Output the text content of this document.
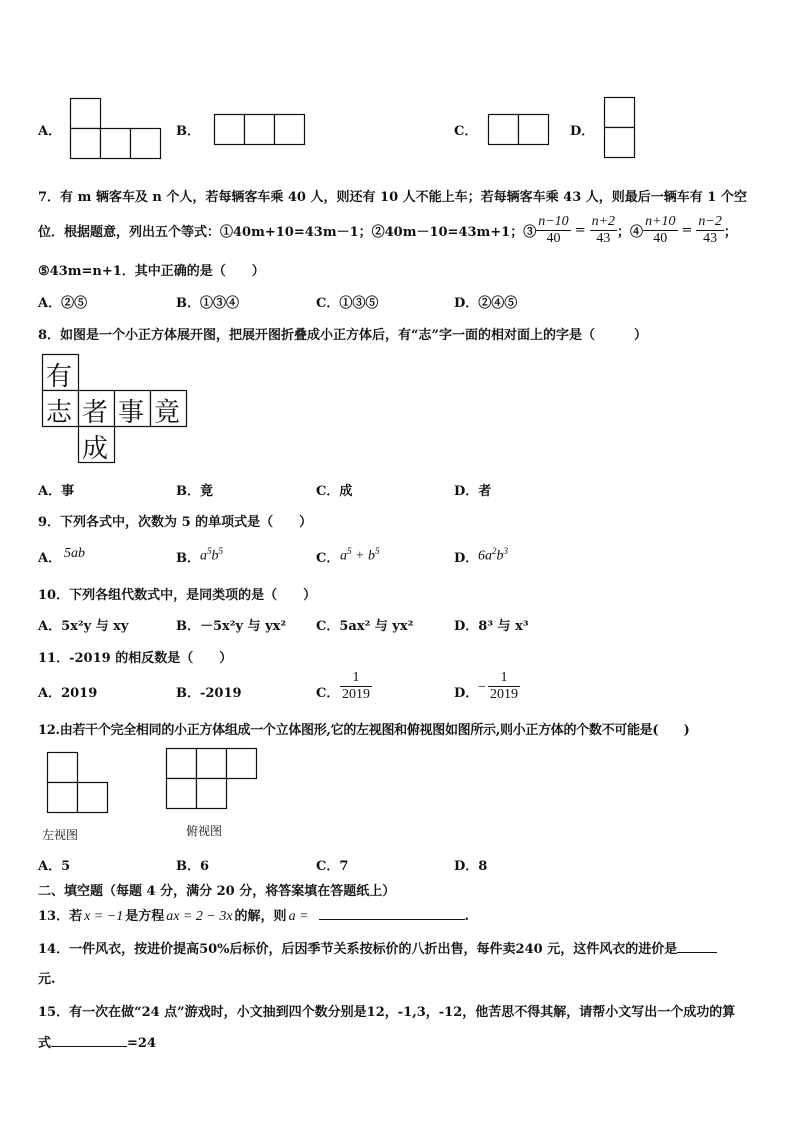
A．	B．	C．	D．
7．有 m 辆客车及 n 个人，若每辆客车乘 40 人，则还有 10 人不能上车；若每辆客车乘 43 人，则最后一辆车有 1 个空
位．根据题意，列出五个等式：①40m+10=43m－1；②40m－10=43m+1；③ $\frac{n-10}{40} = \frac{n+2}{43}$ ；④ $\frac{n+10}{40} = \frac{n-2}{43}$ ；
⑤43m=n+1．其中正确的是（　　）
A．②⑤	B．①③④	C．①③⑤	D．②④⑤
8．如图是一个小正方体展开图，把展开图折叠成小正方体后，有“志”字一面的相对面上的字是（　　　）
有
志 者 事 竟
成
A．事	B．竟	C．成	D．者
9．下列各式中，次数为 5 的单项式是（　　）
A． 5ab	B． $a^5b^5$	C． $a^5 + b^5$	D． $6a^2b^3$
10．下列各组代数式中，是同类项的是（　　）
A．5x²y 与 xy	B．－5x²y 与 yx² C．5ax² 与 yx²	D．8³ 与 x³
11．-2019 的相反数是（　　）
A．2019	B．-2019	C． $\frac{1}{2019}$	D． − $\frac{1}{2019}$
12.由若干个完全相同的小正方体组成一个立体图形,它的左视图和俯视图如图所示,则小正方体的个数不可能是(　　)
左视图	俯视图
A．5	B．6	C．7	D．8
二、填空题（每题 4 分，满分 20 分，将答案填在答题纸上）
13．若 x = −1 是方程 ax = 2 − 3x 的解，则 a =	.
14．一件风衣，按进价提高50%后标价，后因季节关系按标价的八折出售，每件卖240 元，这件风衣的进价是
元.
15．有一次在做“24 点”游戏时，小文抽到四个数分别是12，-1,3，-12，他苦思不得其解，请帮小文写出一个成功的算
式	=24
